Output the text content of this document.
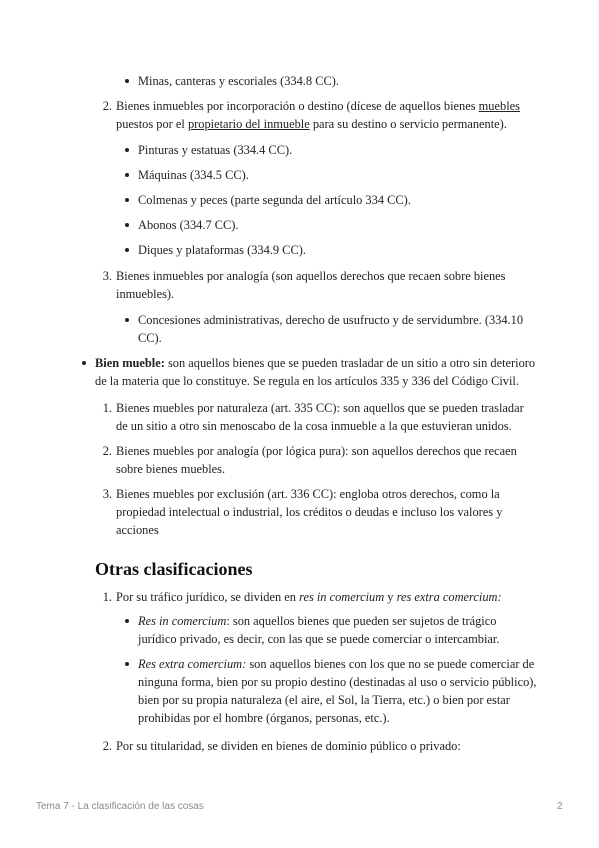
Minas, canteras y escoriales (334.8 CC).

2. Bienes inmuebles por incorporación o destino (dícese de aquellos bienes muebles

puestos por el propietario del inmueble para su destino o servicio permanente).

Pinturas y estatuas (334.4 CC).

Máquinas (334.5 CC).

Colmenas y peces (parte segunda del artículo 334 CC).

Abonos (334.7 CC).

Diques y plataformas (334.9 CC).

3. Bienes inmuebles por analogía (son aquellos derechos que recaen sobre bienes

inmuebles).

Concesiones administrativas, derecho de usufructo y de servidumbre. (334.10

CC).

Bien mueble: son aquellos bienes que se pueden trasladar de un sitio a otro sin deterioro

de la materia que lo constituye. Se regula en los artículos 335 y 336 del Código Civil.

1. Bienes muebles por naturaleza (art. 335 CC): son aquellos que se pueden trasladar

de un sitio a otro sin menoscabo de la cosa inmueble a la que estuvieran unidos.

2. Bienes muebles por analogía (por lógica pura): son aquellos derechos que recaen

sobre bienes muebles.

3. Bienes muebles por exclusión (art. 336 CC): engloba otros derechos, como la

propiedad intelectual o industrial, los créditos o deudas e incluso los valores y

acciones

Otras clasificaciones
1. Por su tráfico jurídico, se dividen en res in comercium y res extra comercium:

Res in comercium: son aquellos bienes que pueden ser sujetos de trágico

jurídico privado, es decir, con las que se puede comerciar o intercambiar.

Res extra comercium: son aquellos bienes con los que no se puede comerciar de

ninguna forma, bien por su propio destino (destinadas al uso o servicio público),

bien por su propia naturaleza (el aire, el Sol, la Tierra, etc.) o bien por estar

prohibidas por el hombre (órganos, personas, etc.).

2. Por su titularidad, se dividen en bienes de dominio público o privado:

Tema 7 - La clasificación de las cosas	2
